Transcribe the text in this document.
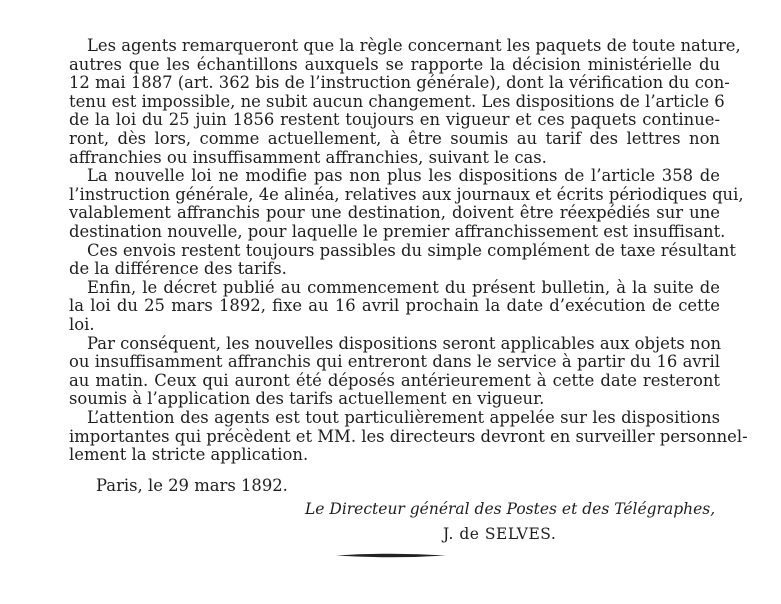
Les agents remarqueront que la règle concernant les paquets de toute nature,
autres que les échantillons auxquels se rapporte la décision ministérielle du
12 mai 1887 (art. 362 bis de l’instruction générale), dont la vérification du con-
tenu est impossible, ne subit aucun changement. Les dispositions de l’article 6
de la loi du 25 juin 1856 restent toujours en vigueur et ces paquets continue-
ront, dès lors, comme actuellement, à être soumis au tarif des lettres non
affranchies ou insuffisamment affranchies, suivant le cas.
La nouvelle loi ne modifie pas non plus les dispositions de l’article 358 de
l’instruction générale, 4e alinéa, relatives aux journaux et écrits périodiques qui,
valablement affranchis pour une destination, doivent être réexpédiés sur une
destination nouvelle, pour laquelle le premier affranchissement est insuffisant.
Ces envois restent toujours passibles du simple complément de taxe résultant
de la différence des tarifs.
Enfin, le décret publié au commencement du présent bulletin, à la suite de
la loi du 25 mars 1892, fixe au 16 avril prochain la date d’exécution de cette
loi.
Par conséquent, les nouvelles dispositions seront applicables aux objets non
ou insuffisamment affranchis qui entreront dans le service à partir du 16 avril
au matin. Ceux qui auront été déposés antérieurement à cette date resteront
soumis à l’application des tarifs actuellement en vigueur.
L’attention des agents est tout particulièrement appelée sur les dispositions
importantes qui précèdent et MM. les directeurs devront en surveiller personnel-
lement la stricte application.
Paris, le 29 mars 1892.
Le Directeur général des Postes et des Télégraphes,
J. de SELVES.
